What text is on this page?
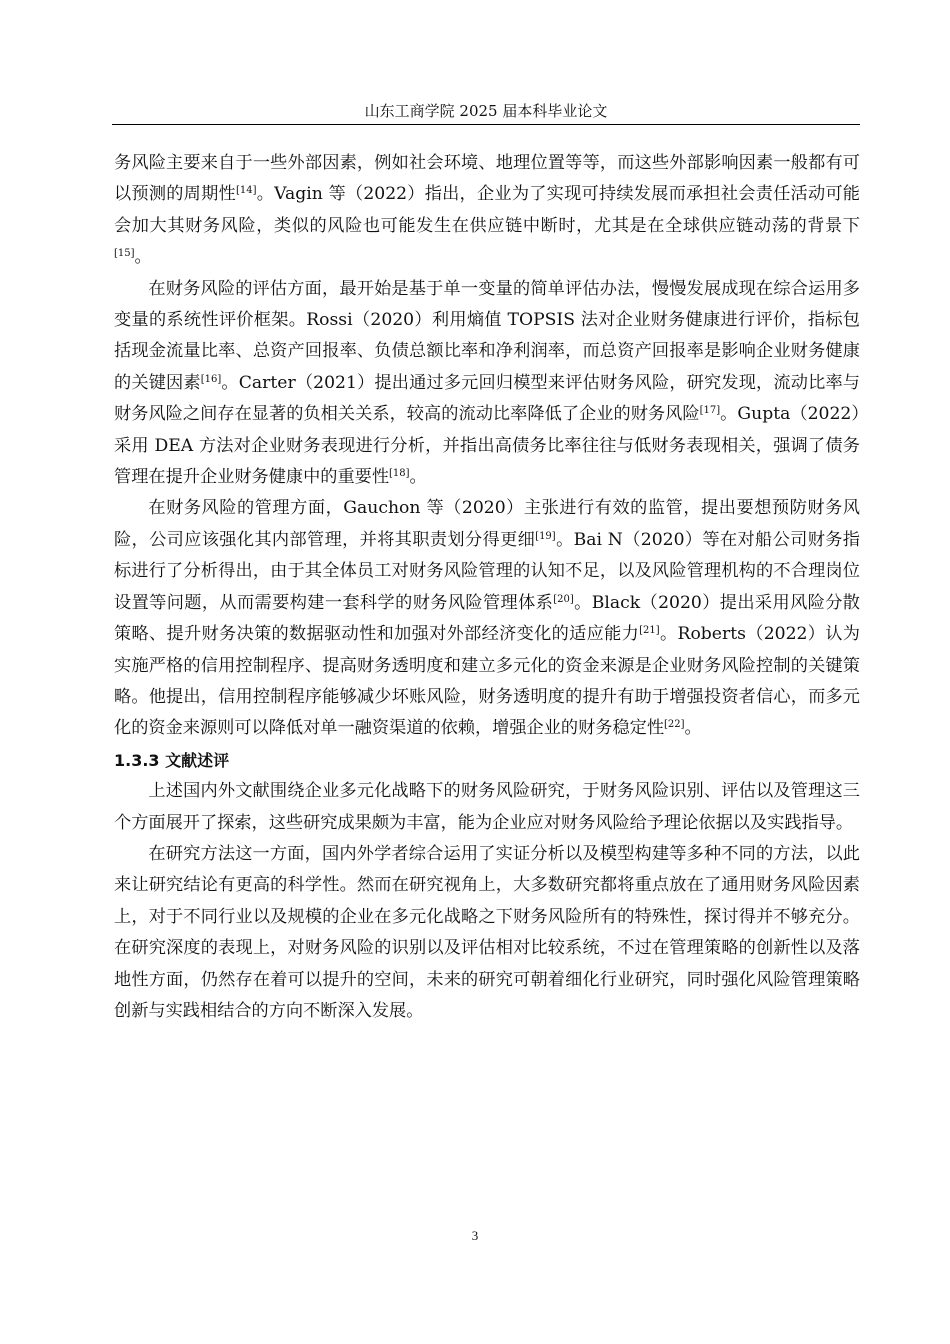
山东工商学院 2025 届本科毕业论文

务风险主要来自于一些外部因素，例如社会环境、地理位置等等，而这些外部影响因素一般都有可以预测的周期性[14]。Vagin 等（2022）指出，企业为了实现可持续发展而承担社会责任活动可能会加大其财务风险，类似的风险也可能发生在供应链中断时，尤其是在全球供应链动荡的背景下[15]。

在财务风险的评估方面，最开始是基于单一变量的简单评估办法，慢慢发展成现在综合运用多变量的系统性评价框架。Rossi（2020）利用熵值 TOPSIS 法对企业财务健康进行评价，指标包括现金流量比率、总资产回报率、负债总额比率和净利润率，而总资产回报率是影响企业财务健康的关键因素[16]。Carter（2021）提出通过多元回归模型来评估财务风险，研究发现，流动比率与财务风险之间存在显著的负相关关系，较高的流动比率降低了企业的财务风险[17]。Gupta（2022）采用 DEA 方法对企业财务表现进行分析，并指出高债务比率往往与低财务表现相关，强调了债务管理在提升企业财务健康中的重要性[18]。

在财务风险的管理方面，Gauchon 等（2020）主张进行有效的监管，提出要想预防财务风险，公司应该强化其内部管理，并将其职责划分得更细[19]。Bai N（2020）等在对船公司财务指标进行了分析得出，由于其全体员工对财务风险管理的认知不足，以及风险管理机构的不合理岗位设置等问题，从而需要构建一套科学的财务风险管理体系[20]。Black（2020）提出采用风险分散策略、提升财务决策的数据驱动性和加强对外部经济变化的适应能力[21]。Roberts（2022）认为实施严格的信用控制程序、提高财务透明度和建立多元化的资金来源是企业财务风险控制的关键策略。他提出，信用控制程序能够减少坏账风险，财务透明度的提升有助于增强投资者信心，而多元化的资金来源则可以降低对单一融资渠道的依赖，增强企业的财务稳定性[22]。

1.3.3 文献述评

上述国内外文献围绕企业多元化战略下的财务风险研究，于财务风险识别、评估以及管理这三个方面展开了探索，这些研究成果颇为丰富，能为企业应对财务风险给予理论依据以及实践指导。

在研究方法这一方面，国内外学者综合运用了实证分析以及模型构建等多种不同的方法，以此来让研究结论有更高的科学性。然而在研究视角上，大多数研究都将重点放在了通用财务风险因素上，对于不同行业以及规模的企业在多元化战略之下财务风险所有的特殊性，探讨得并不够充分。在研究深度的表现上，对财务风险的识别以及评估相对比较系统，不过在管理策略的创新性以及落地性方面，仍然存在着可以提升的空间，未来的研究可朝着细化行业研究，同时强化风险管理策略创新与实践相结合的方向不断深入发展。

3
